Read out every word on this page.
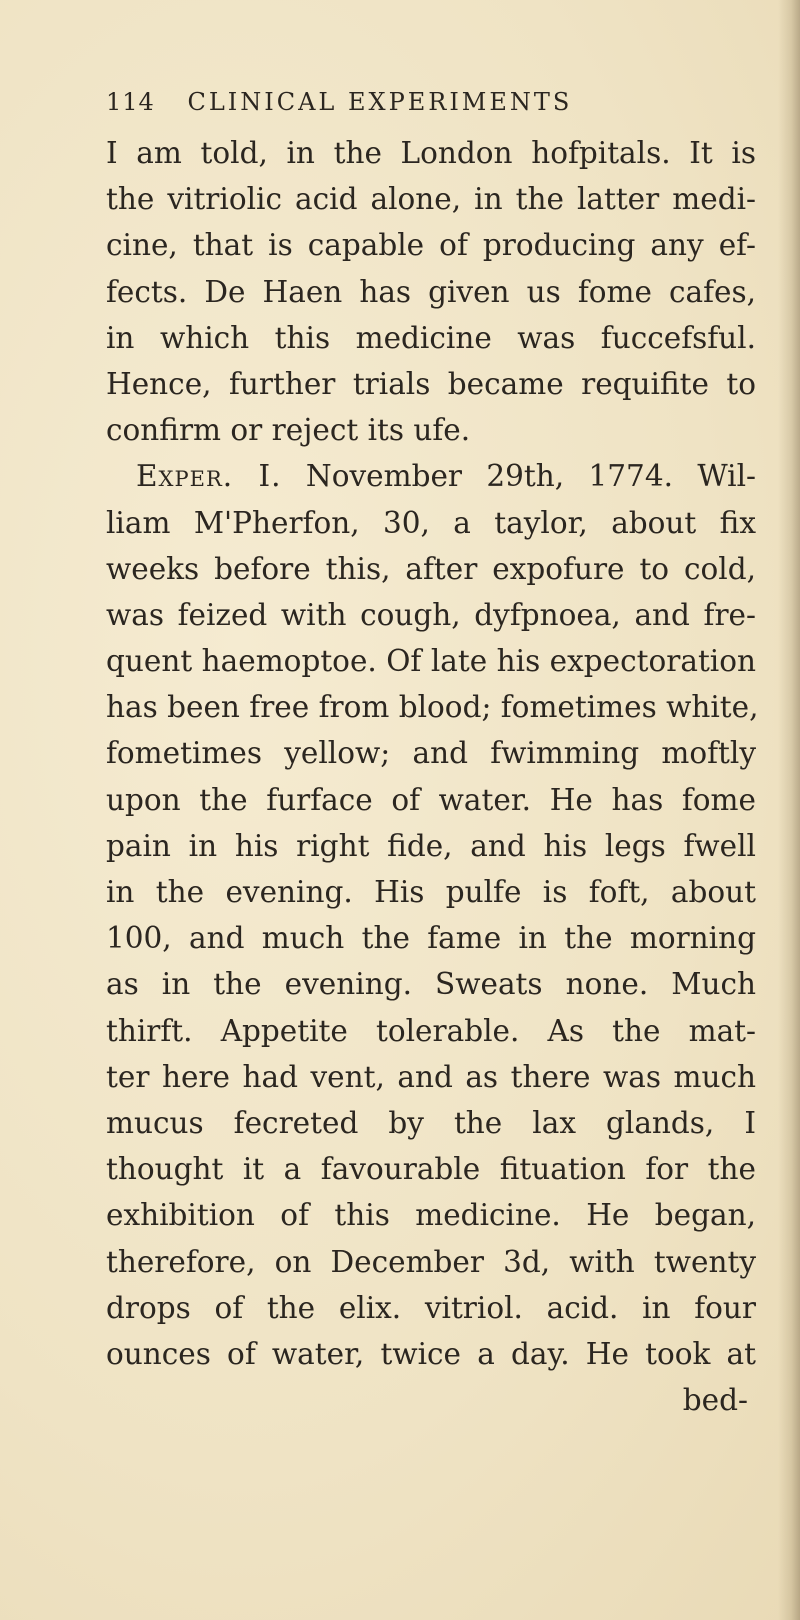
114 CLINICAL EXPERIMENTS
I am told, in the London hofpitals. It is
the vitriolic acid alone, in the latter medi-
cine, that is capable of producing any ef-
fects. De Haen has given us fome cafes,
in which this medicine was fuccefsful.
Hence, further trials became requifite to
confirm or reject its ufe.
Exper. I. November 29th, 1774. Wil-
liam M'Pherfon, 30, a taylor, about fix
weeks before this, after expofure to cold,
was feized with cough, dyfpnoea, and fre-
quent haemoptoe. Of late his expectoration
has been free from blood; fometimes white,
fometimes yellow; and fwimming moftly
upon the furface of water. He has fome
pain in his right fide, and his legs fwell
in the evening. His pulfe is foft, about
100, and much the fame in the morning
as in the evening. Sweats none. Much
thirft. Appetite tolerable. As the mat-
ter here had vent, and as there was much
mucus fecreted by the lax glands, I
thought it a favourable fituation for the
exhibition of this medicine. He began,
therefore, on December 3d, with twenty
drops of the elix. vitriol. acid. in four
ounces of water, twice a day. He took at
bed-
